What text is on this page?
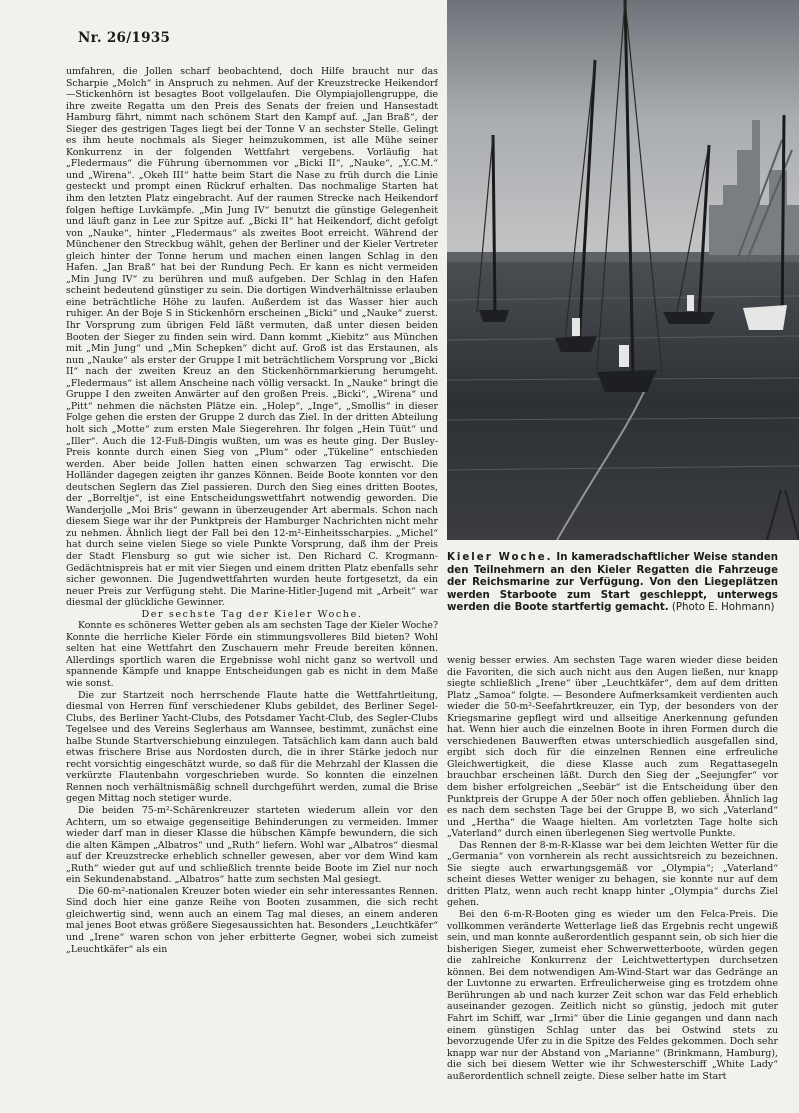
Nr. 26/1935

umfahren, die Jollen scharf beobachtend, doch Hilfe braucht nur das Scharpie „Molch“ in Anspruch zu nehmen. Auf der Kreuzstrecke Heikendorf—Stickenhörn ist besagtes Boot vollgelaufen. Die Olympiajollengruppe, die ihre zweite Regatta um den Preis des Senats der freien und Hansestadt Hamburg fährt, nimmt nach schönem Start den Kampf auf. „Jan Braß“, der Sieger des gestrigen Tages liegt bei der Tonne V an sechster Stelle. Gelingt es ihm heute nochmals als Sieger heimzukommen, ist alle Mühe seiner Konkurrenz in der folgenden Wettfahrt vergebens. Vorläufig hat „Fledermaus“ die Führung übernommen vor „Bicki II“, „Nauke“, „Y.C.M.“ und „Wirena“. „Okeh III“ hatte beim Start die Nase zu früh durch die Linie gesteckt und prompt einen Rückruf erhalten. Das nochmalige Starten hat ihm den letzten Platz eingebracht. Auf der raumen Strecke nach Heikendorf folgen heftige Luvkämpfe. „Min Jung IV“ benutzt die günstige Gelegenheit und läuft ganz in Lee zur Spitze auf. „Bicki II“ hat Heikendorf, dicht gefolgt von „Nauke“, hinter „Fledermaus“ als zweites Boot erreicht. Während der Münchener den Streckbug wählt, gehen der Berliner und der Kieler Vertreter gleich hinter der Tonne herum und machen einen langen Schlag in den Hafen. „Jan Braß“ hat bei der Rundung Pech. Er kann es nicht vermeiden „Min Jung IV“ zu berühren und muß aufgeben. Der Schlag in den Hafen scheint bedeutend günstiger zu sein. Die dortigen Windverhältnisse erlauben eine beträchtliche Höhe zu laufen. Außerdem ist das Wasser hier auch ruhiger. An der Boje S in Stickenhörn erscheinen „Bicki“ und „Nauke“ zuerst. Ihr Vorsprung zum übrigen Feld läßt vermuten, daß unter diesen beiden Booten der Sieger zu finden sein wird. Dann kommt „Kiebitz“ aus München mit „Min Jung“ und „Min Schepken“ dicht auf. Groß ist das Erstaunen, als nun „Nauke“ als erster der Gruppe I mit beträchtlichem Vorsprung vor „Bicki II“ nach der zweiten Kreuz an den Stickenhörnmarkierung herumgeht. „Fledermaus“ ist allem Anscheine nach völlig versackt. In „Nauke“ bringt die Gruppe I den zweiten Anwärter auf den großen Preis. „Bicki“, „Wirena“ und „Pitt“ nehmen die nächsten Plätze ein. „Holep“, „Inge“, „Smollis“ in dieser Folge gehen die ersten der Gruppe 2 durch das Ziel. In der dritten Abteilung holt sich „Motte“ zum ersten Male Siegerehren. Ihr folgen „Hein Tüüt“ und „Iller“. Auch die 12-Fuß-Dingis wußten, um was es heute ging. Der Busley-Preis konnte durch einen Sieg von „Plum“ oder „Tükeline“ entschieden werden. Aber beide Jollen hatten einen schwarzen Tag erwischt. Die Holländer dagegen zeigten ihr ganzes Können. Beide Boote konnten vor den deutschen Seglern das Ziel passieren. Durch den Sieg eines dritten Bootes, der „Borreltje“, ist eine Entscheidungswettfahrt notwendig geworden. Die Wanderjolle „Moi Bris“ gewann in überzeugender Art abermals. Schon nach diesem Siege war ihr der Punktpreis der Hamburger Nachrichten nicht mehr zu nehmen. Ähnlich liegt der Fall bei den 12-m²-Einheitsscharpies. „Michel“ hat durch seine vielen Siege so viele Punkte Vorsprung, daß ihm der Preis der Stadt Flensburg so gut wie sicher ist. Den Richard C. Krogmann-Gedächtnispreis hat er mit vier Siegen und einem dritten Platz ebenfalls sehr sicher gewonnen. Die Jugendwettfahrten wurden heute fortgesetzt, da ein neuer Preis zur Verfügung steht. Die Marine-Hitler-Jugend mit „Arbeit“ war diesmal der glückliche Gewinner.

Der sechste Tag der Kieler Woche.

Konnte es schöneres Wetter geben als am sechsten Tage der Kieler Woche? Konnte die herrliche Kieler Förde ein stimmungsvolleres Bild bieten? Wohl selten hat eine Wettfahrt den Zuschauern mehr Freude bereiten können. Allerdings sportlich waren die Ergebnisse wohl nicht ganz so wertvoll und spannende Kämpfe und knappe Entscheidungen gab es nicht in dem Maße wie sonst.

Die zur Startzeit noch herrschende Flaute hatte die Wettfahrtleitung, diesmal von Herren fünf verschiedener Klubs gebildet, des Berliner Segel-Clubs, des Berliner Yacht-Clubs, des Potsdamer Yacht-Club, des Segler-Clubs Tegelsee und des Vereins Seglerhaus am Wannsee, bestimmt, zunächst eine halbe Stunde Startverschiebung einzulegen. Tatsächlich kam dann auch bald etwas frischere Brise aus Nordosten durch, die in ihrer Stärke jedoch nur recht vorsichtig eingeschätzt wurde, so daß für die Mehrzahl der Klassen die verkürzte Flautenbahn vorgeschrieben wurde. So konnten die einzelnen Rennen noch verhältnismäßig schnell durchgeführt werden, zumal die Brise gegen Mittag noch stetiger wurde.

Die beiden 75-m²-Schärenkreuzer starteten wiederum allein vor den Achtern, um so etwaige gegenseitige Behinderungen zu vermeiden. Immer wieder darf man in dieser Klasse die hübschen Kämpfe bewundern, die sich die alten Kämpen „Albatros“ und „Ruth“ liefern. Wohl war „Albatros“ diesmal auf der Kreuzstrecke erheblich schneller gewesen, aber vor dem Wind kam „Ruth“ wieder gut auf und schließlich trennte beide Boote im Ziel nur noch ein Sekundenabstand. „Albatros“ hatte zum sechsten Mal gesiegt.

Die 60-m²-nationalen Kreuzer boten wieder ein sehr interessantes Rennen. Sind doch hier eine ganze Reihe von Booten zusammen, die sich recht gleichwertig sind, wenn auch an einem Tag mal dieses, an einem anderen mal jenes Boot etwas größere Siegesaussichten hat. Besonders „Leuchtkäfer“ und „Irene“ waren schon von jeher erbitterte Gegner, wobei sich zumeist „Leuchtkäfer“ als ein

Kieler Woche. In kameradschaftlicher Weise standen den Teilnehmern an den Kieler Regatten die Fahrzeuge der Reichsmarine zur Verfügung. Von den Liegeplätzen werden Starboote zum Start geschleppt, unterwegs werden die Boote startfertig gemacht. (Photo E. Hohmann)

wenig besser erwies. Am sechsten Tage waren wieder diese beiden die Favoriten, die sich auch nicht aus den Augen ließen, nur knapp siegte schließlich „Irene“ über „Leuchtkäfer“, dem auf dem dritten Platz „Samoa“ folgte. — Besondere Aufmerksamkeit verdienten auch wieder die 50-m²-Seefahrtkreuzer, ein Typ, der besonders von der Kriegsmarine gepflegt wird und allseitige Anerkennung gefunden hat. Wenn hier auch die einzelnen Boote in ihren Formen durch die verschiedenen Bauwerften etwas unterschiedlich ausgefallen sind, ergibt sich doch für die einzelnen Rennen eine erfreuliche Gleichwertigkeit, die diese Klasse auch zum Regattasegeln brauchbar erscheinen läßt. Durch den Sieg der „Seejungfer“ vor dem bisher erfolgreichen „Seebär“ ist die Entscheidung über den Punktpreis der Gruppe A der 50er noch offen geblieben. Ähnlich lag es nach dem sechsten Tage bei der Gruppe B, wo sich „Vaterland“ und „Hertha“ die Waage hielten. Am vorletzten Tage holte sich „Vaterland“ durch einen überlegenen Sieg wertvolle Punkte.

Das Rennen der 8-m-R-Klasse war bei dem leichten Wetter für die „Germania“ von vornherein als recht aussichtsreich zu bezeichnen. Sie siegte auch erwartungsgemäß vor „Olympia“; „Vaterland“ scheint dieses Wetter weniger zu behagen, sie konnte nur auf dem dritten Platz, wenn auch recht knapp hinter „Olympia“ durchs Ziel gehen.

Bei den 6-m-R-Booten ging es wieder um den Felca-Preis. Die vollkommen veränderte Wetterlage ließ das Ergebnis recht ungewiß sein, und man konnte außerordentlich gespannt sein, ob sich hier die bisherigen Sieger, zumeist eher Schwerwetterboote, würden gegen die zahlreiche Konkurrenz der Leichtwettertypen durchsetzen können. Bei dem notwendigen Am-Wind-Start war das Gedränge an der Luvtonne zu erwarten. Erfreulicherweise ging es trotzdem ohne Berührungen ab und nach kurzer Zeit schon war das Feld erheblich auseinander gezogen. Zeitlich nicht so günstig, jedoch mit guter Fahrt im Schiff, war „Irmi“ über die Linie gegangen und dann nach einem günstigen Schlag unter das bei Ostwind stets zu bevorzugende Ufer zu in die Spitze des Feldes gekommen. Doch sehr knapp war nur der Abstand von „Marianne“ (Brinkmann, Hamburg), die sich bei diesem Wetter wie ihr Schwesterschiff „White Lady“ außerordentlich schnell zeigte. Diese selber hatte im Start
